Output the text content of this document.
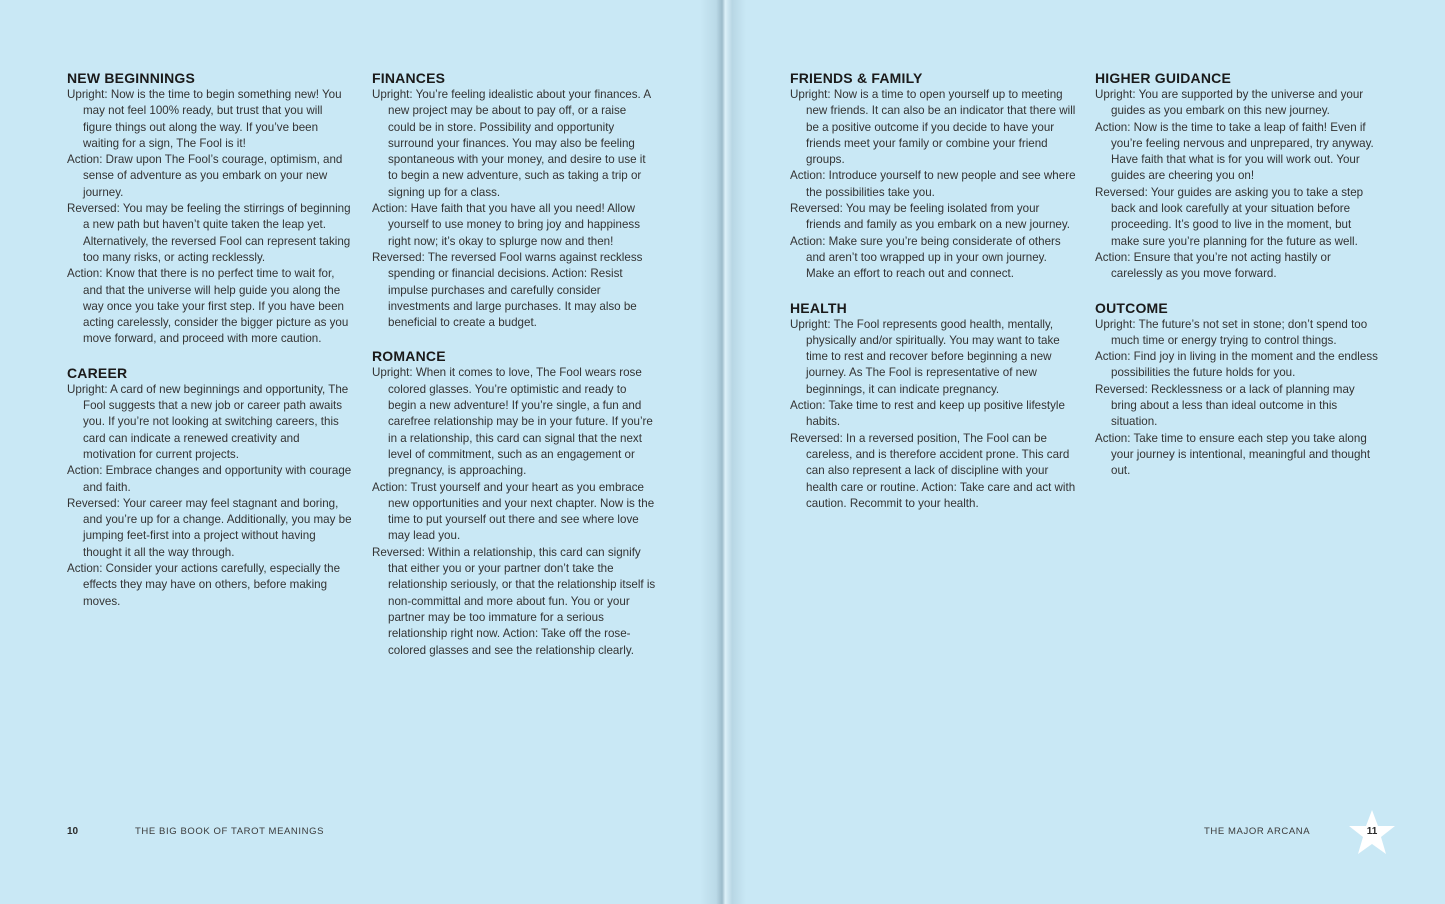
NEW BEGINNINGS

Upright: Now is the time to begin something new! You may not feel 100% ready, but trust that you will figure things out along the way. If you’ve been waiting for a sign, The Fool is it!

Action: Draw upon The Fool’s courage, optimism, and sense of adventure as you embark on your new journey.

Reversed: You may be feeling the stirrings of beginning a new path but haven’t quite taken the leap yet. Alternatively, the reversed Fool can represent taking too many risks, or acting recklessly.

Action: Know that there is no perfect time to wait for, and that the universe will help guide you along the way once you take your first step. If you have been acting carelessly, consider the bigger picture as you move forward, and proceed with more caution.

CAREER

Upright: A card of new beginnings and opportunity, The Fool suggests that a new job or career path awaits you. If you’re not looking at switching careers, this card can indicate a renewed creativity and motivation for current projects.

Action: Embrace changes and opportunity with courage and faith.

Reversed: Your career may feel stagnant and boring, and you’re up for a change. Additionally, you may be jumping feet-first into a project without having thought it all the way through.

Action: Consider your actions carefully, especially the effects they may have on others, before making moves.

FINANCES

Upright: You’re feeling idealistic about your finances. A new project may be about to pay off, or a raise could be in store. Possibility and opportunity surround your finances. You may also be feeling spontaneous with your money, and desire to use it to begin a new adventure, such as taking a trip or signing up for a class.

Action: Have faith that you have all you need! Allow yourself to use money to bring joy and happiness right now; it’s okay to splurge now and then!

Reversed: The reversed Fool warns against reckless spending or financial decisions. Action: Resist impulse purchases and carefully consider investments and large purchases. It may also be beneficial to create a budget.

ROMANCE

Upright: When it comes to love, The Fool wears rose colored glasses. You’re optimistic and ready to begin a new adventure! If you’re single, a fun and carefree relationship may be in your future. If you’re in a relationship, this card can signal that the next level of commitment, such as an engagement or pregnancy, is approaching.

Action: Trust yourself and your heart as you embrace new opportunities and your next chapter. Now is the time to put yourself out there and see where love may lead you.

Reversed: Within a relationship, this card can signify that either you or your partner don’t take the relationship seriously, or that the relationship itself is non-committal and more about fun. You or your partner may be too immature for a serious relationship right now. Action: Take off the rose-colored glasses and see the relationship clearly.

10	THE BIG BOOK OF TAROT MEANINGS
FRIENDS & FAMILY

Upright: Now is a time to open yourself up to meeting new friends. It can also be an indicator that there will be a positive outcome if you decide to have your friends meet your family or combine your friend groups.

Action: Introduce yourself to new people and see where the possibilities take you.

Reversed: You may be feeling isolated from your friends and family as you embark on a new journey.

Action: Make sure you’re being considerate of others and aren’t too wrapped up in your own journey. Make an effort to reach out and connect.

HEALTH

Upright: The Fool represents good health, mentally, physically and/or spiritually. You may want to take time to rest and recover before beginning a new journey. As The Fool is representative of new beginnings, it can indicate pregnancy.

Action: Take time to rest and keep up positive lifestyle habits.

Reversed: In a reversed position, The Fool can be careless, and is therefore accident prone. This card can also represent a lack of discipline with your health care or routine. Action: Take care and act with caution. Recommit to your health.

HIGHER GUIDANCE

Upright: You are supported by the universe and your guides as you embark on this new journey.

Action: Now is the time to take a leap of faith! Even if you’re feeling nervous and unprepared, try anyway. Have faith that what is for you will work out. Your guides are cheering you on!

Reversed: Your guides are asking you to take a step back and look carefully at your situation before proceeding. It’s good to live in the moment, but make sure you’re planning for the future as well.

Action: Ensure that you’re not acting hastily or carelessly as you move forward.

OUTCOME

Upright: The future’s not set in stone; don’t spend too much time or energy trying to control things.

Action: Find joy in living in the moment and the endless possibilities the future holds for you.

Reversed: Recklessness or a lack of planning may bring about a less than ideal outcome in this situation.

Action: Take time to ensure each step you take along your journey is intentional, meaningful and thought out.

THE MAJOR ARCANA	11
